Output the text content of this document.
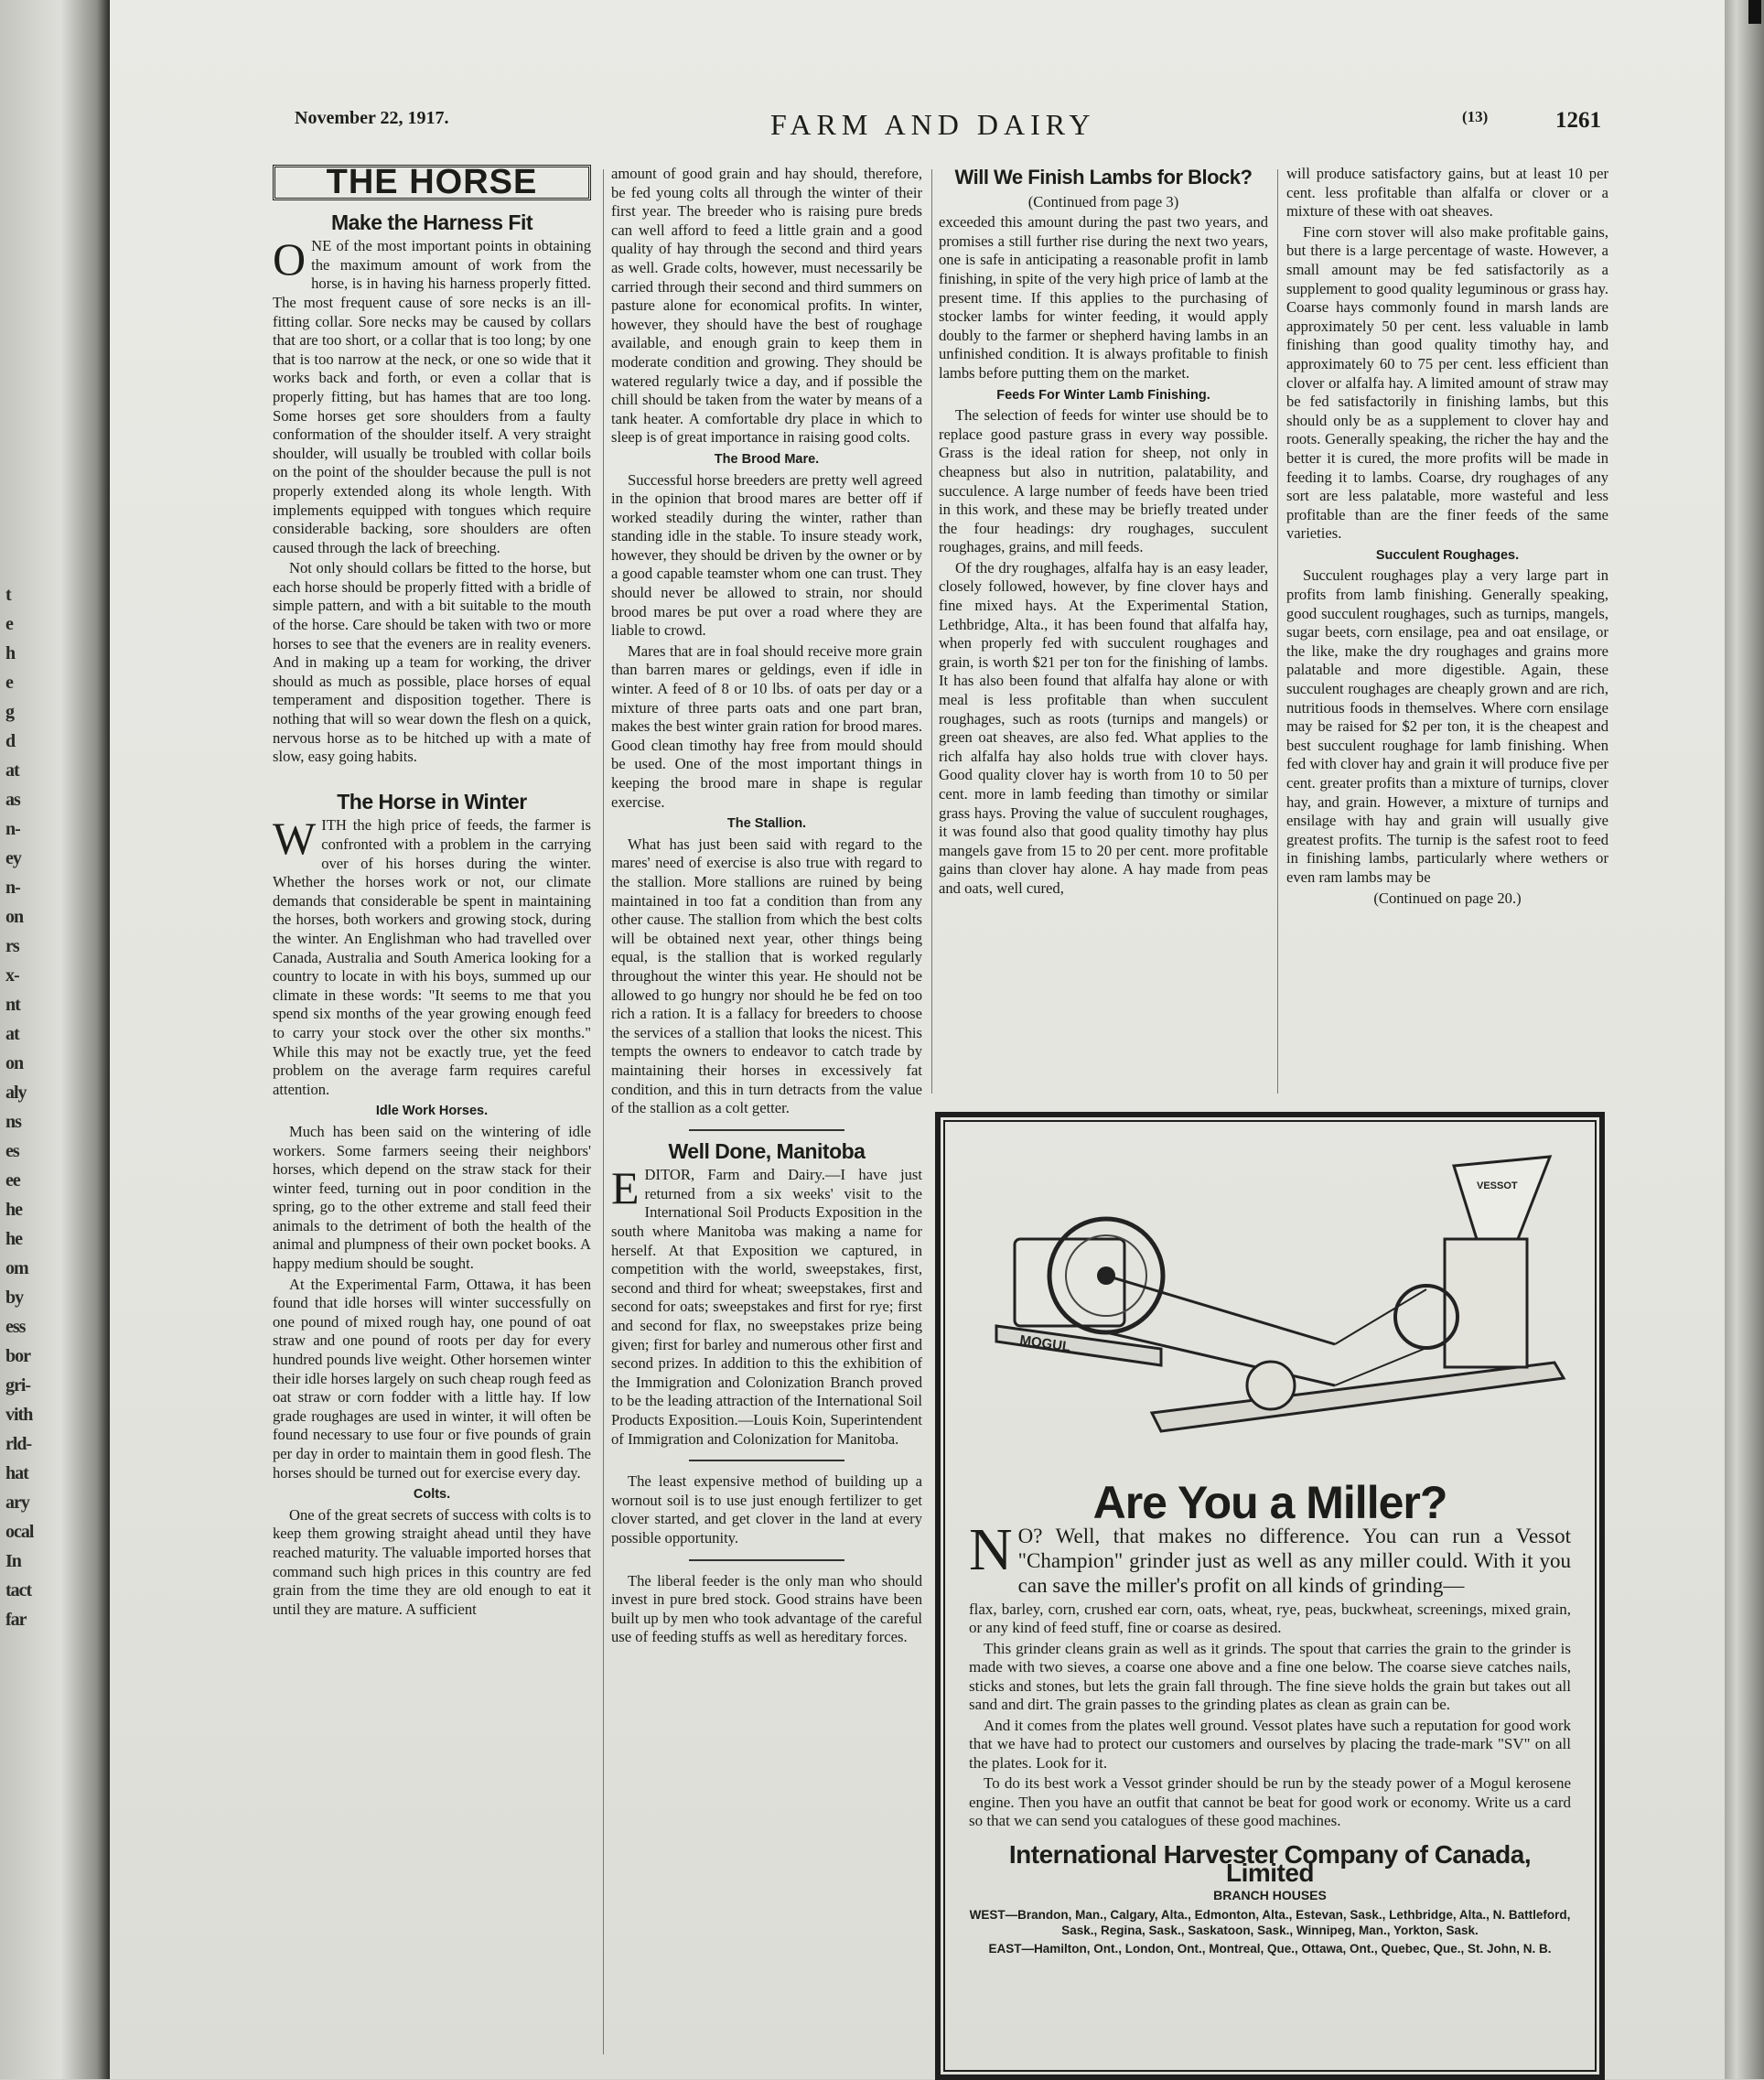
t
e
h
e
g
d
at
as
n-
ey
n-
on
rs
x-
nt
at
on
aly
ns
es
ee
he
he
om
by
ess
bor
gri-
vith
rld-
hat
ary
ocal
In
tact
far
November 22, 1917.	FARM AND DAIRY	(13)	1261
THE HORSE
Make the Harness Fit

ONE of the most important points in obtaining the maximum amount of work from the horse, is in having his harness properly fitted. The most frequent cause of sore necks is an ill-fitting collar. Sore necks may be caused by collars that are too short, or a collar that is too long; by one that is too narrow at the neck, or one so wide that it works back and forth, or even a collar that is properly fitting, but has hames that are too long. Some horses get sore shoulders from a faulty conformation of the shoulder itself. A very straight shoulder, will usually be troubled with collar boils on the point of the shoulder because the pull is not properly extended along its whole length. With implements equipped with tongues which require considerable backing, sore shoulders are often caused through the lack of breeching.

Not only should collars be fitted to the horse, but each horse should be properly fitted with a bridle of simple pattern, and with a bit suitable to the mouth of the horse. Care should be taken with two or more horses to see that the eveners are in reality eveners. And in making up a team for working, the driver should as much as possible, place horses of equal temperament and disposition together. There is nothing that will so wear down the flesh on a quick, nervous horse as to be hitched up with a mate of slow, easy going habits.

The Horse in Winter

WITH the high price of feeds, the farmer is confronted with a problem in the carrying over of his horses during the winter. Whether the horses work or not, our climate demands that considerable be spent in maintaining the horses, both workers and growing stock, during the winter. An Englishman who had travelled over Canada, Australia and South America looking for a country to locate in with his boys, summed up our climate in these words: "It seems to me that you spend six months of the year growing enough feed to carry your stock over the other six months." While this may not be exactly true, yet the feed problem on the average farm requires careful attention.

Idle Work Horses.

Much has been said on the wintering of idle workers. Some farmers seeing their neighbors' horses, which depend on the straw stack for their winter feed, turning out in poor condition in the spring, go to the other extreme and stall feed their animals to the detriment of both the health of the animal and plumpness of their own pocket books. A happy medium should be sought.

At the Experimental Farm, Ottawa, it has been found that idle horses will winter successfully on one pound of mixed rough hay, one pound of oat straw and one pound of roots per day for every hundred pounds live weight. Other horsemen winter their idle horses largely on such cheap rough feed as oat straw or corn fodder with a little hay. If low grade roughages are used in winter, it will often be found necessary to use four or five pounds of grain per day in order to maintain them in good flesh. The horses should be turned out for exercise every day.

Colts.

One of the great secrets of success with colts is to keep them growing straight ahead until they have reached maturity. The valuable imported horses that command such high prices in this country are fed grain from the time they are old enough to eat it until they are mature. A sufficient

amount of good grain and hay should, therefore, be fed young colts all through the winter of their first year. The breeder who is raising pure breds can well afford to feed a little grain and a good quality of hay through the second and third years as well. Grade colts, however, must necessarily be carried through their second and third summers on pasture alone for economical profits. In winter, however, they should have the best of roughage available, and enough grain to keep them in moderate condition and growing. They should be watered regularly twice a day, and if possible the chill should be taken from the water by means of a tank heater. A comfortable dry place in which to sleep is of great importance in raising good colts.

The Brood Mare.

Successful horse breeders are pretty well agreed in the opinion that brood mares are better off if worked steadily during the winter, rather than standing idle in the stable. To insure steady work, however, they should be driven by the owner or by a good capable teamster whom one can trust. They should never be allowed to strain, nor should brood mares be put over a road where they are liable to crowd.

Mares that are in foal should receive more grain than barren mares or geldings, even if idle in winter. A feed of 8 or 10 lbs. of oats per day or a mixture of three parts oats and one part bran, makes the best winter grain ration for brood mares. Good clean timothy hay free from mould should be used. One of the most important things in keeping the brood mare in shape is regular exercise.

The Stallion.

What has just been said with regard to the mares' need of exercise is also true with regard to the stallion. More stallions are ruined by being maintained in too fat a condition than from any other cause. The stallion from which the best colts will be obtained next year, other things being equal, is the stallion that is worked regularly throughout the winter this year. He should not be allowed to go hungry nor should he be fed on too rich a ration. It is a fallacy for breeders to choose the services of a stallion that looks the nicest. This tempts the owners to endeavor to catch trade by maintaining their horses in excessively fat condition, and this in turn detracts from the value of the stallion as a colt getter.

Well Done, Manitoba

EDITOR, Farm and Dairy.—I have just returned from a six weeks' visit to the International Soil Products Exposition in the south where Manitoba was making a name for herself. At that Exposition we captured, in competition with the world, sweepstakes, first, second and third for wheat; sweepstakes, first and second for oats; sweepstakes and first for rye; first and second for flax, no sweepstakes prize being given; first for barley and numerous other first and second prizes. In addition to this the exhibition of the Immigration and Colonization Branch proved to be the leading attraction of the International Soil Products Exposition.—Louis Koin, Superintendent of Immigration and Colonization for Manitoba.

The least expensive method of building up a wornout soil is to use just enough fertilizer to get clover started, and get clover in the land at every possible opportunity.

The liberal feeder is the only man who should invest in pure bred stock. Good strains have been built up by men who took advantage of the careful use of feeding stuffs as well as hereditary forces.

Will We Finish Lambs for Block?
(Continued from page 3)

exceeded this amount during the past two years, and promises a still further rise during the next two years, one is safe in anticipating a reasonable profit in lamb finishing, in spite of the very high price of lamb at the present time. If this applies to the purchasing of stocker lambs for winter feeding, it would apply doubly to the farmer or shepherd having lambs in an unfinished condition. It is always profitable to finish lambs before putting them on the market.

Feeds For Winter Lamb Finishing.

The selection of feeds for winter use should be to replace good pasture grass in every way possible. Grass is the ideal ration for sheep, not only in cheapness but also in nutrition, palatability, and succulence. A large number of feeds have been tried in this work, and these may be briefly treated under the four headings: dry roughages, succulent roughages, grains, and mill feeds.

Of the dry roughages, alfalfa hay is an easy leader, closely followed, however, by fine clover hays and fine mixed hays. At the Experimental Station, Lethbridge, Alta., it has been found that alfalfa hay, when properly fed with succulent roughages and grain, is worth $21 per ton for the finishing of lambs. It has also been found that alfalfa hay alone or with meal is less profitable than when succulent roughages, such as roots (turnips and mangels) or green oat sheaves, are also fed. What applies to the rich alfalfa hay also holds true with clover hays. Good quality clover hay is worth from 10 to 50 per cent. more in lamb feeding than timothy or similar grass hays. Proving the value of succulent roughages, it was found also that good quality timothy hay plus mangels gave from 15 to 20 per cent. more profitable gains than clover hay alone. A hay made from peas and oats, well cured,

will produce satisfactory gains, but at least 10 per cent. less profitable than alfalfa or clover or a mixture of these with oat sheaves.

Fine corn stover will also make profitable gains, but there is a large percentage of waste. However, a small amount may be fed satisfactorily as a supplement to good quality leguminous or grass hay. Coarse hays commonly found in marsh lands are approximately 50 per cent. less valuable in lamb finishing than good quality timothy hay, and approximately 60 to 75 per cent. less efficient than clover or alfalfa hay. A limited amount of straw may be fed satisfactorily in finishing lambs, but this should only be as a supplement to clover hay and roots. Generally speaking, the richer the hay and the better it is cured, the more profits will be made in feeding it to lambs. Coarse, dry roughages of any sort are less palatable, more wasteful and less profitable than are the finer feeds of the same varieties.

Succulent Roughages.

Succulent roughages play a very large part in profits from lamb finishing. Generally speaking, good succulent roughages, such as turnips, mangels, sugar beets, corn ensilage, pea and oat ensilage, or the like, make the dry roughages and grains more palatable and more digestible. Again, these succulent roughages are cheaply grown and are rich, nutritious foods in themselves. Where corn ensilage may be raised for $2 per ton, it is the cheapest and best succulent roughage for lamb finishing. When fed with clover hay and grain it will produce five per cent. greater profits than a mixture of turnips, clover hay, and grain. However, a mixture of turnips and ensilage with hay and grain will usually give greatest profits. The turnip is the safest root to feed in finishing lambs, particularly where wethers or even ram lambs may be

(Continued on page 20.)
MOGUL
VESSOT
Are You a Miller?
N O? Well, that makes no difference. You can run a Vessot "Champion" grinder just as well as any miller could. With it you can save the miller's profit on all kinds of grinding—

flax, barley, corn, crushed ear corn, oats, wheat, rye, peas, buckwheat, screenings, mixed grain, or any kind of feed stuff, fine or coarse as desired.

This grinder cleans grain as well as it grinds. The spout that carries the grain to the grinder is made with two sieves, a coarse one above and a fine one below. The coarse sieve catches nails, sticks and stones, but lets the grain fall through. The fine sieve holds the grain but takes out all sand and dirt. The grain passes to the grinding plates as clean as grain can be.

And it comes from the plates well ground. Vessot plates have such a reputation for good work that we have had to protect our customers and ourselves by placing the trade-mark "SV" on all the plates. Look for it.

To do its best work a Vessot grinder should be run by the steady power of a Mogul kerosene engine. Then you have an outfit that cannot be beat for good work or economy. Write us a card so that we can send you catalogues of these good machines.

International Harvester Company of Canada, Limited
BRANCH HOUSES
WEST—Brandon, Man., Calgary, Alta., Edmonton, Alta., Estevan, Sask., Lethbridge, Alta., N. Battleford, Sask., Regina, Sask., Saskatoon, Sask., Winnipeg, Man., Yorkton, Sask.
EAST—Hamilton, Ont., London, Ont., Montreal, Que., Ottawa, Ont., Quebec, Que., St. John, N. B.
